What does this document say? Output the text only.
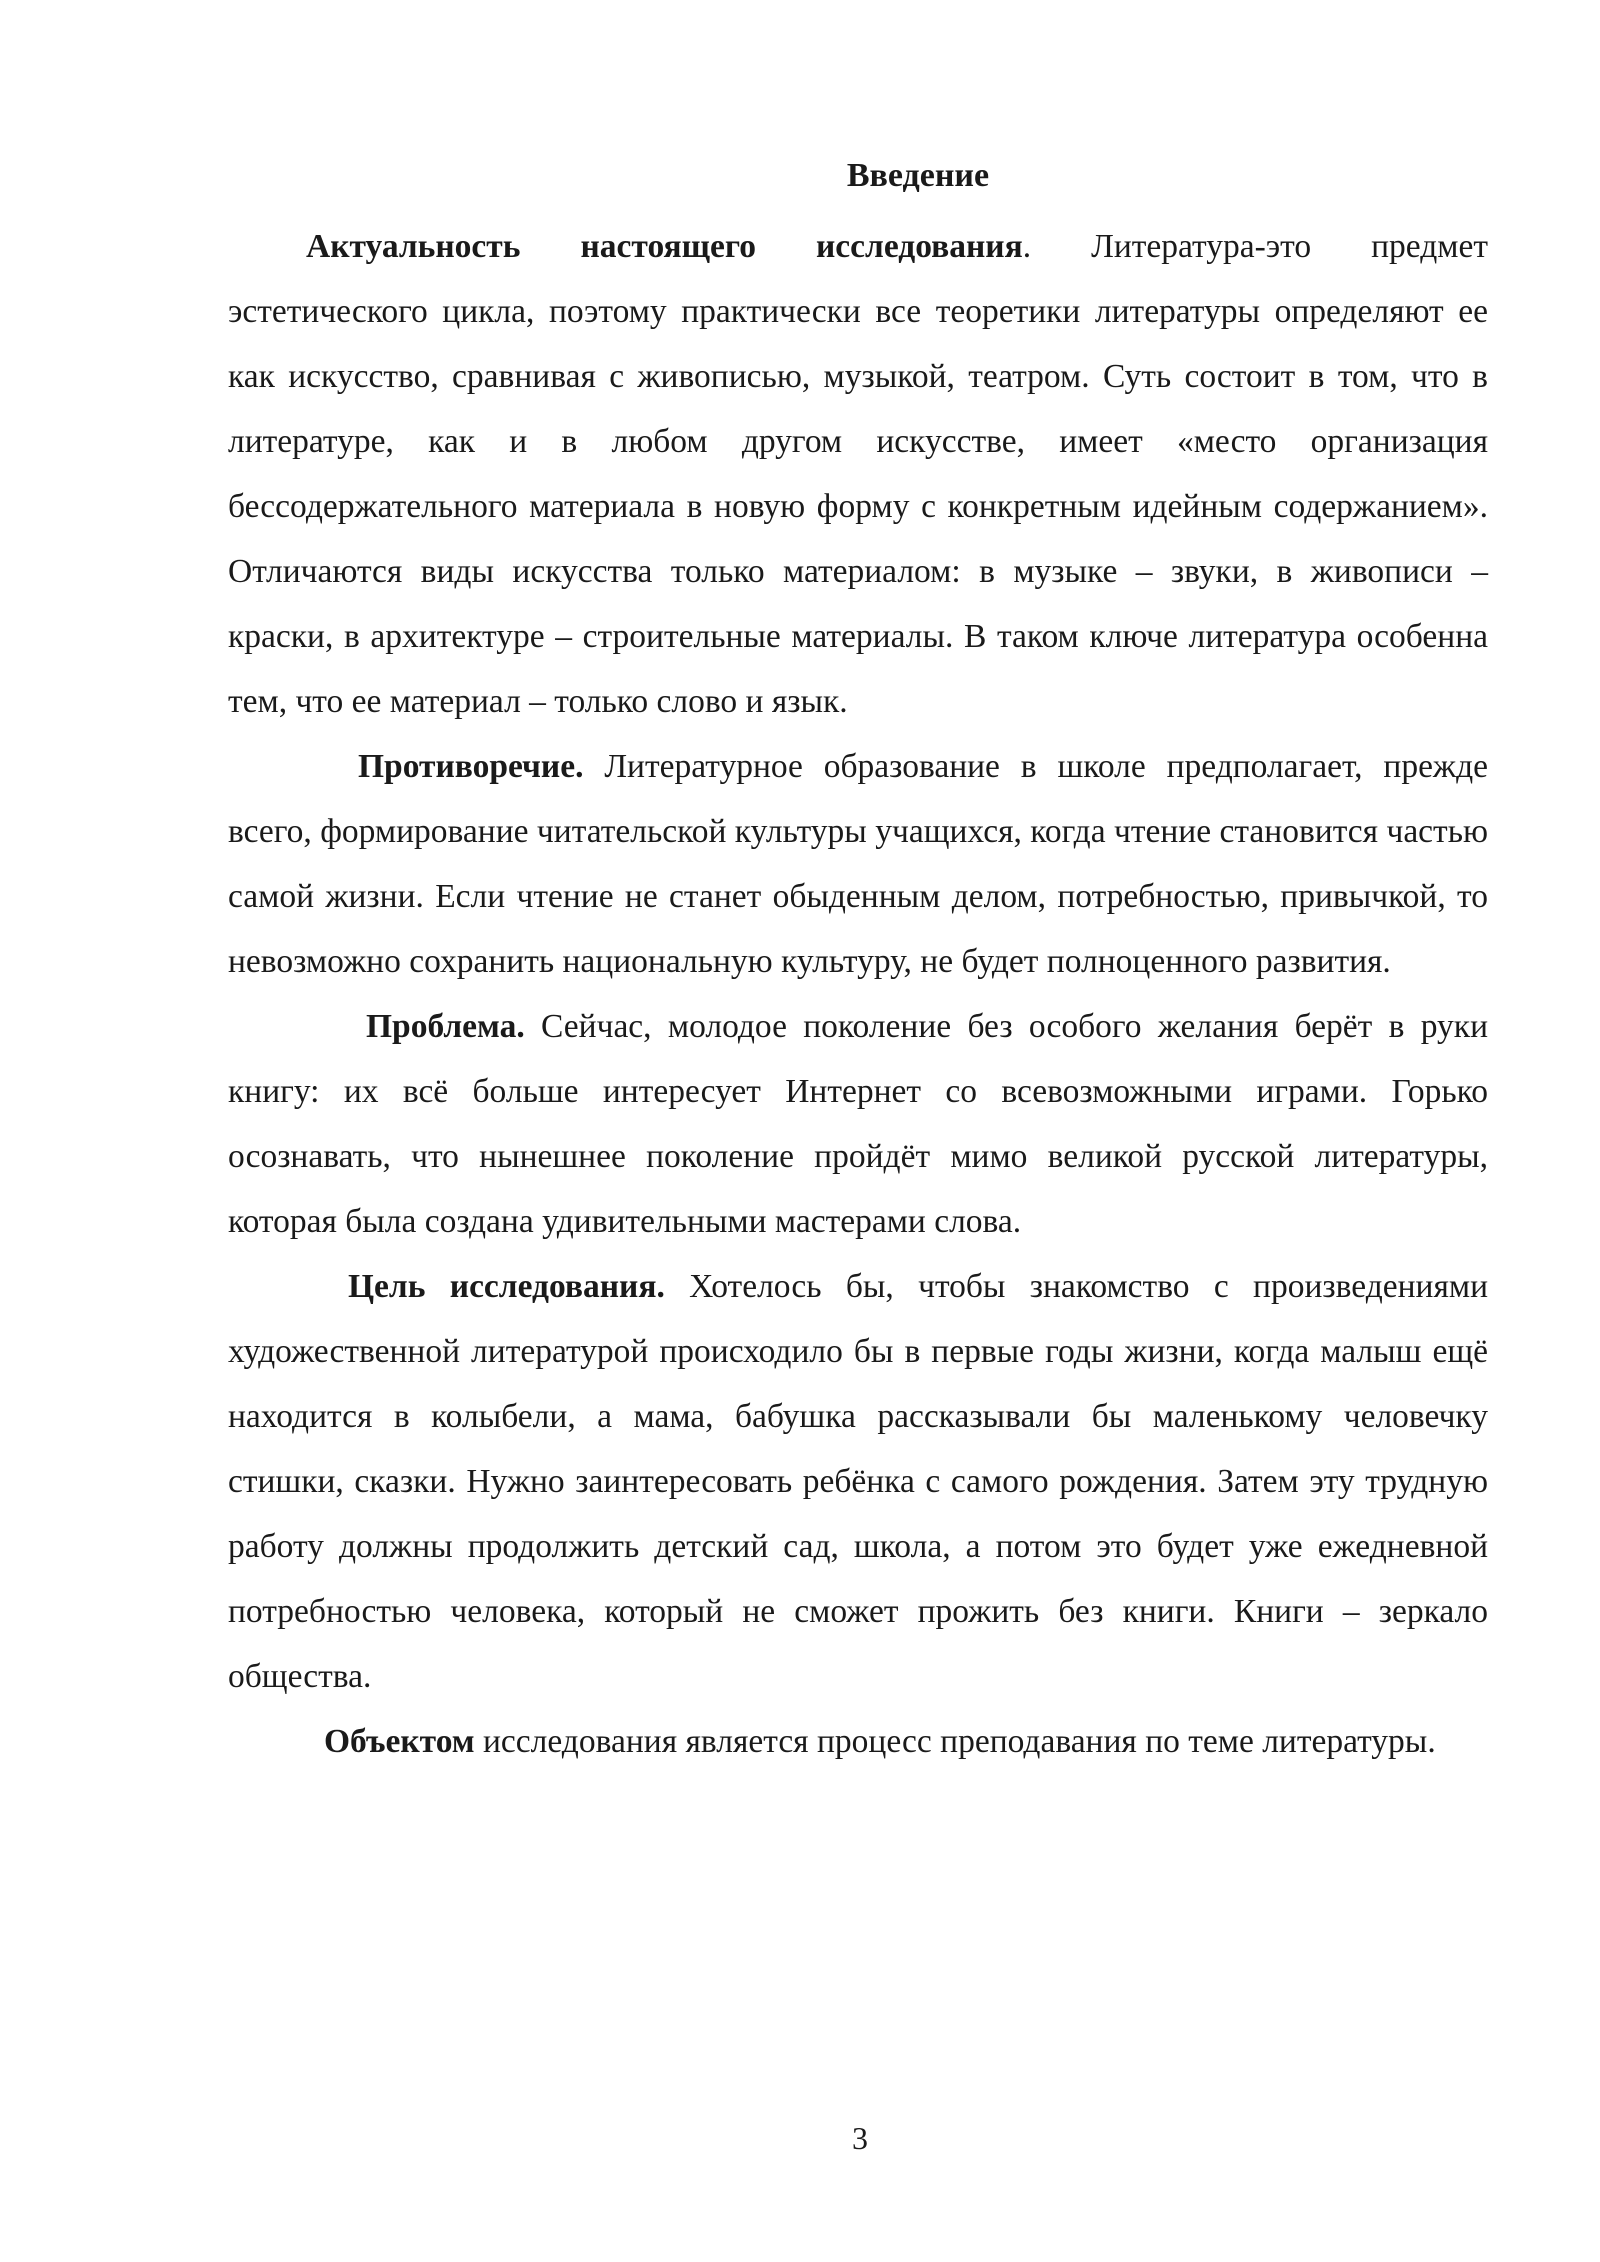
Введение

Актуальность настоящего исследования. Литература-это предмет эстетического цикла, поэтому практически все теоретики литературы определяют ее как искусство, сравнивая с живописью, музыкой, театром. Суть состоит в том, что в литературе, как и в любом другом искусстве, имеет «место организация бессодержательного материала в новую форму с конкретным идейным содержанием». Отличаются виды искусства только материалом: в музыке – звуки, в живописи – краски, в архитектуре – строительные материалы. В таком ключе литература особенна тем, что ее материал – только слово и язык.

Противоречие. Литературное образование в школе предполагает, прежде всего, формирование читательской культуры учащихся, когда чтение становится частью самой жизни. Если чтение не станет обыденным делом, потребностью, привычкой, то невозможно сохранить национальную культуру, не будет полноценного развития.

Проблема. Сейчас, молодое поколение без особого желания берёт в руки книгу: их всё больше интересует Интернет со всевозможными играми. Горько осознавать, что нынешнее поколение пройдёт мимо великой русской литературы, которая была создана удивительными мастерами слова.

Цель исследования. Хотелось бы, чтобы знакомство с произведениями художественной литературой происходило бы в первые годы жизни, когда малыш ещё находится в колыбели, а мама, бабушка рассказывали бы маленькому человечку стишки, сказки. Нужно заинтересовать ребёнка с самого рождения. Затем эту трудную работу должны продолжить детский сад, школа, а потом это будет уже ежедневной потребностью человека, который не сможет прожить без книги. Книги – зеркало общества.

Объектом исследования является процесс преподавания по теме литературы.

3
